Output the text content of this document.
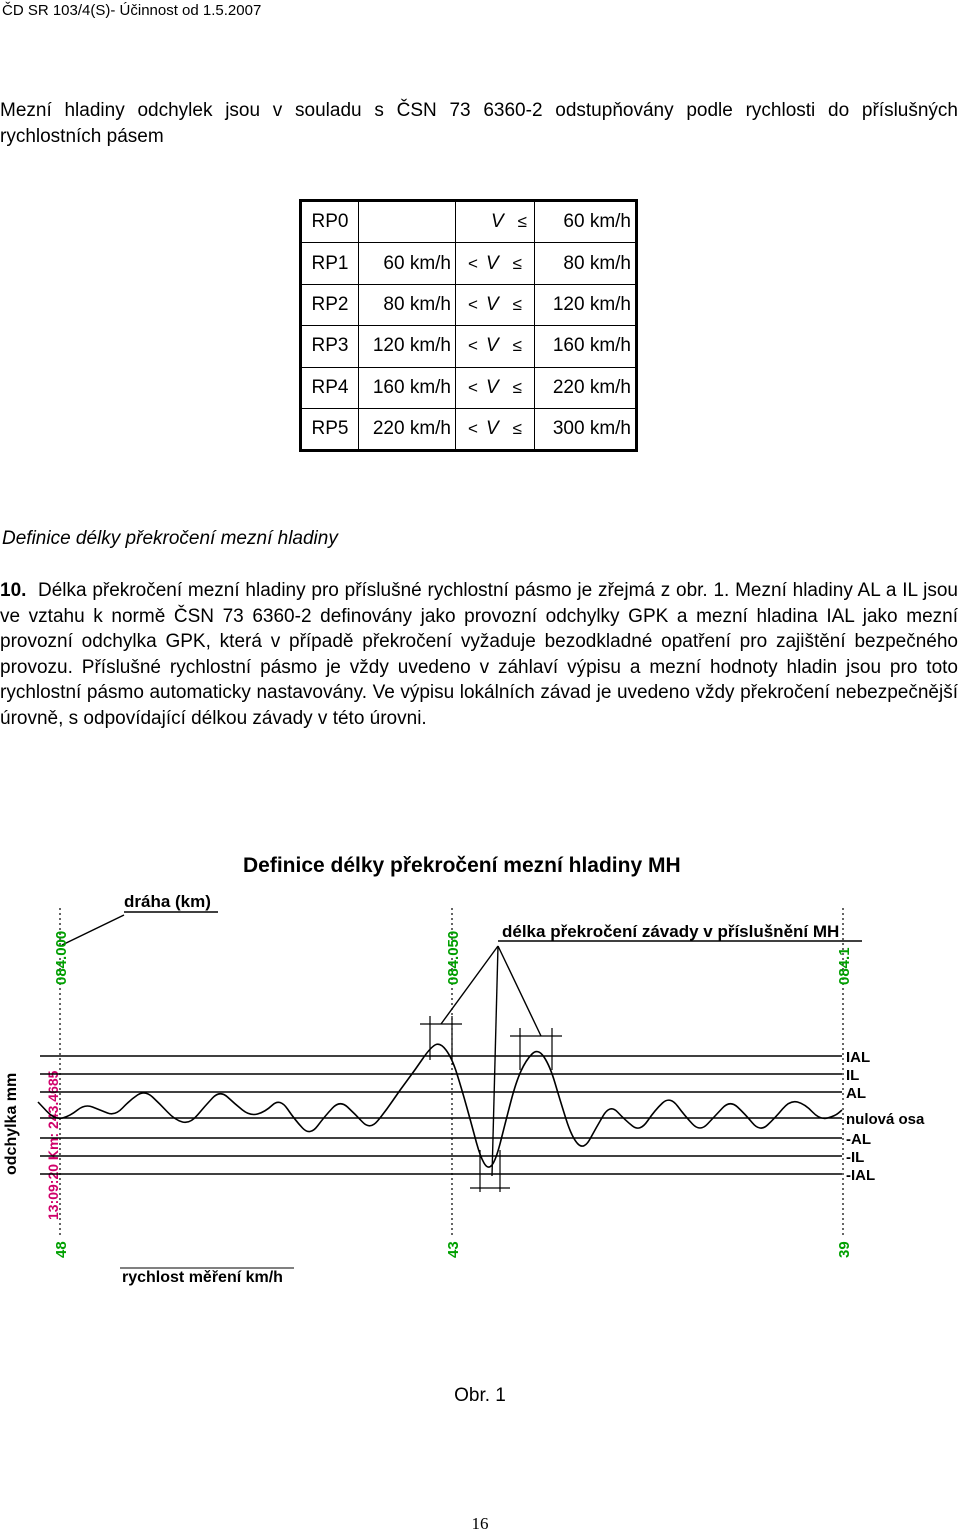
ČD SR 103/4(S)- Účinnost od 1.5.2007

Mezní hladiny odchylek jsou v souladu s ČSN 73 6360-2 odstupňovány podle rychlosti do příslušných rychlostních pásem

RP0		V ≤	60 km/h
RP1	60 km/h	< V ≤	80 km/h
RP2	80 km/h	< V ≤	120 km/h
RP3	120 km/h	< V ≤	160 km/h
RP4	160 km/h	< V ≤	220 km/h
RP5	220 km/h	< V ≤	300 km/h
Definice délky překročení mezní hladiny

10. Délka překročení mezní hladiny pro příslušné rychlostní pásmo je zřejmá z obr. 1. Mezní hladiny AL a IL jsou ve vztahu k normě ČSN 73 6360-2 definovány jako provozní odchylky GPK a mezní hladina IAL jako mezní provozní odchylka GPK, která v případě překročení vyžaduje bezodkladné opatření pro zajištění bezpečného provozu. Příslušné rychlostní pásmo je vždy uvedeno v záhlaví výpisu a mezní hodnoty hladin jsou pro toto rychlostní pásmo automaticky nastavovány. Ve výpisu lokálních závad je uvedeno vždy překročení nebezpečnější úrovně, s odpovídající délkou závady v této úrovni.

Definice délky překročení mezní hladiny MH
dráha (km)
délka překročení závady v příslušnění MH
084.000
48
084.050
43
084.1
39
13:09:20 Km: 243.4685
odchylka mm
IAL
IL
AL
nulová osa
-AL
-IL
-IAL
rychlost měření km/h
Obr. 1
16
